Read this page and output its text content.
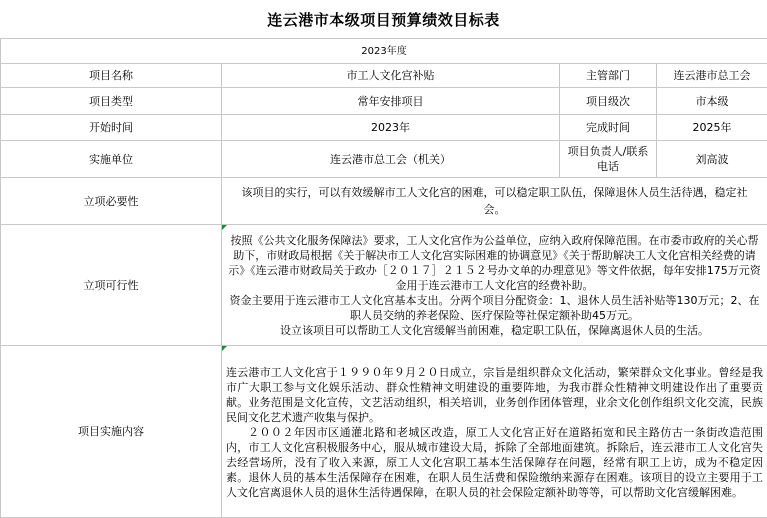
连云港市本级项目预算绩效目标表
2023年度			
项目名称	市工人文化宫补贴	主管部门	连云港市总工会
项目类型	常年安排项目	项目级次	市本级
开始时间	2023年	完成时间	2025年
实施单位	连云港市总工会（机关）	项目负责人/联系电话	刘高波
立项必要性	该项目的实行，可以有效缓解市工人文化宫的困难，可以稳定职工队伍，保障退休人员生活待遇，稳定社会。		
立项可行性	按照《公共文化服务保障法》要求，工人文化宫作为公益单位，应纳入政府保障范围。在市委市政府的关心帮助下，市财政局根据《关于解决市工人文化宫实际困难的协调意见》《关于帮助解决工人文化宫相关经费的请示》《连云港市财政局关于政办［２０１７］２１５２号办文单的办理意见》等文件依据，每年安排175万元资金用于连云港市工人文化宫的经费补助。

资金主要用于连云港市工人文化宫基本支出。分两个项目分配资金：1、退休人员生活补贴等130万元；2、在职人员交纳的养老保险、医疗保险等社保定额补助45万元。

设立该项目可以帮助工人文化宫缓解当前困难，稳定职工队伍，保障离退休人员的生活。		

项目实施内容	连云港市工人文化宫于１９９０年９月２０日成立，宗旨是组织群众文化活动，繁荣群众文化事业。曾经是我市广大职工参与文化娱乐活动、群众性精神文明建设的重要阵地，为我市群众性精神文明建设作出了重要贡献。业务范围是文化宣传，文艺活动组织，相关培训，业务创作团体管理，业余文化创作组织文化交流，民族民间文化艺术遗产收集与保护。

２００２年因市区通灌北路和老城区改造，原工人文化宫正好在道路拓宽和民主路仿古一条街改造范围内，市工人文化宫积极服务中心，服从城市建设大局，拆除了全部地面建筑。拆除后，连云港市工人文化宫失去经营场所，没有了收入来源，原工人文化宫职工基本生活保障存在问题，经常有职工上访，成为不稳定因素。退休人员的基本生活保障存在困难，在职人员生活费和保险缴纳来源存在困难。该项目的设立主要用于工人文化宫离退休人员的退休生活待遇保障，在职人员的社会保险定额补助等等，可以帮助文化宫缓解困难。		
